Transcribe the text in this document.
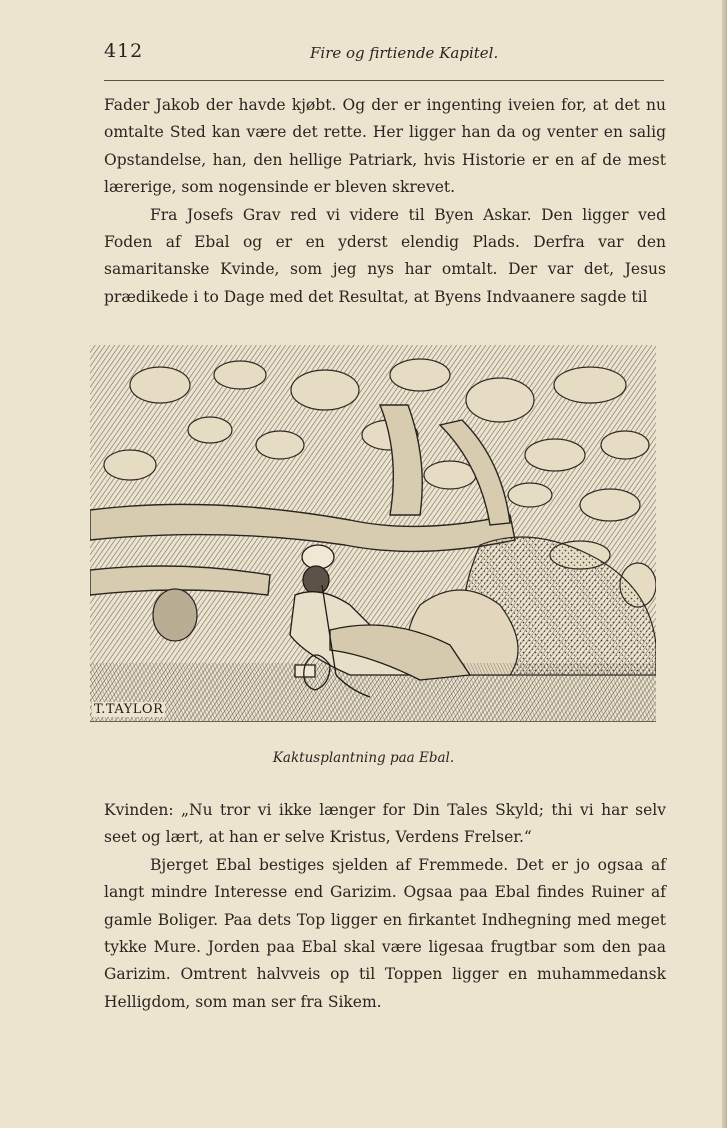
412	Fire og firtiende Kapitel.

Fader Jakob der havde kjøbt. Og der er ingenting iveien for, at det nu omtalte Sted kan være det rette. Her ligger han da og venter en salig Opstandelse, han, den hellige Patriark, hvis Historie er en af de mest lærerige, som nogensinde er bleven skrevet.

Fra Josefs Grav red vi videre til Byen Askar. Den ligger ved Foden af Ebal og er en yderst elendig Plads. Derfra var den samaritanske Kvinde, som jeg nys har omtalt. Der var det, Jesus prædikede i to Dage med det Resultat, at Byens Indvaanere sagde til

T.TAYLOR
Kaktusplantning paa Ebal.

Kvinden: „Nu tror vi ikke længer for Din Tales Skyld; thi vi har selv seet og lært, at han er selve Kristus, Verdens Frelser.“

Bjerget Ebal bestiges sjelden af Fremmede. Det er jo ogsaa af langt mindre Interesse end Garizim. Ogsaa paa Ebal findes Ruiner af gamle Boliger. Paa dets Top ligger en firkantet Indhegning med meget tykke Mure. Jorden paa Ebal skal være ligesaa frugtbar som den paa Garizim. Omtrent halvveis op til Toppen ligger en muhammedansk Helligdom, som man ser fra Sikem.
